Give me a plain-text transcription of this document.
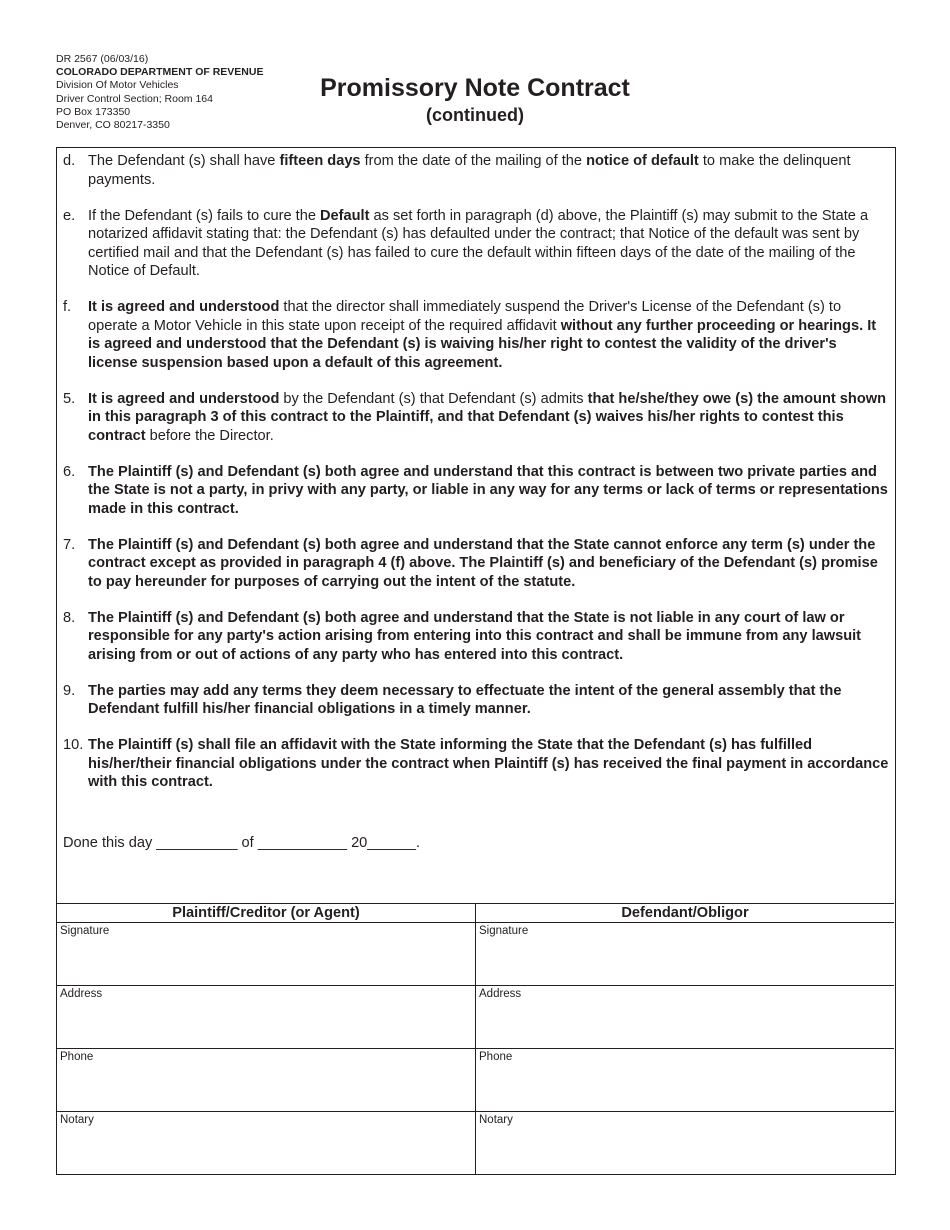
DR 2567 (06/03/16)
COLORADO DEPARTMENT OF REVENUE
Division Of Motor Vehicles
Driver Control Section; Room 164
PO Box 173350
Denver, CO 80217-3350
Promissory Note Contract
(continued)
d. The Defendant (s) shall have fifteen days from the date of the mailing of the notice of default to make the delinquent payments.
e. If the Defendant (s) fails to cure the Default as set forth in paragraph (d) above, the Plaintiff (s) may submit to the State a notarized affidavit stating that: the Defendant (s) has defaulted under the contract; that Notice of the default was sent by certified mail and that the Defendant (s) has failed to cure the default within fifteen days of the date of the mailing of the Notice of Default.
f.	It is agreed and understood that the director shall immediately suspend the Driver's License of the Defendant (s) to operate a Motor Vehicle in this state upon receipt of the required affidavit without any further proceeding or hearings. It is agreed and understood that the Defendant (s) is waiving his/her right to contest the validity of the driver's license suspension based upon a default of this agreement.
5. It is agreed and understood by the Defendant (s) that Defendant (s) admits that he/she/they owe (s) the amount shown in this paragraph 3 of this contract to the Plaintiff, and that Defendant (s) waives his/her rights to contest this contract before the Director.
6. The Plaintiff (s) and Defendant (s) both agree and understand that this contract is between two private parties and the State is not a party, in privy with any party, or liable in any way for any terms or lack of terms or representations made in this contract.
7. The Plaintiff (s) and Defendant (s) both agree and understand that the State cannot enforce any term (s) under the contract except as provided in paragraph 4 (f) above. The Plaintiff (s) and beneficiary of the Defendant (s) promise to pay hereunder for purposes of carrying out the intent of the statute.
8. The Plaintiff (s) and Defendant (s) both agree and understand that the State is not liable in any court of law or responsible for any party's action arising from entering into this contract and shall be immune from any lawsuit arising from or out of actions of any party who has entered into this contract.
9. The parties may add any terms they deem necessary to effectuate the intent of the general assembly that the Defendant fulfill his/her financial obligations in a timely manner.
10. The Plaintiff (s) shall file an affidavit with the State informing the State that the Defendant (s) has fulfilled his/her/their financial obligations under the contract when Plaintiff (s) has received the final payment in accordance with this contract.
Done this day __________ of ___________ 20______.
Plaintiff/Creditor (or Agent)	Defendant/Obligor
Signature	Signature
Address	Address
Phone	Phone
Notary	Notary
